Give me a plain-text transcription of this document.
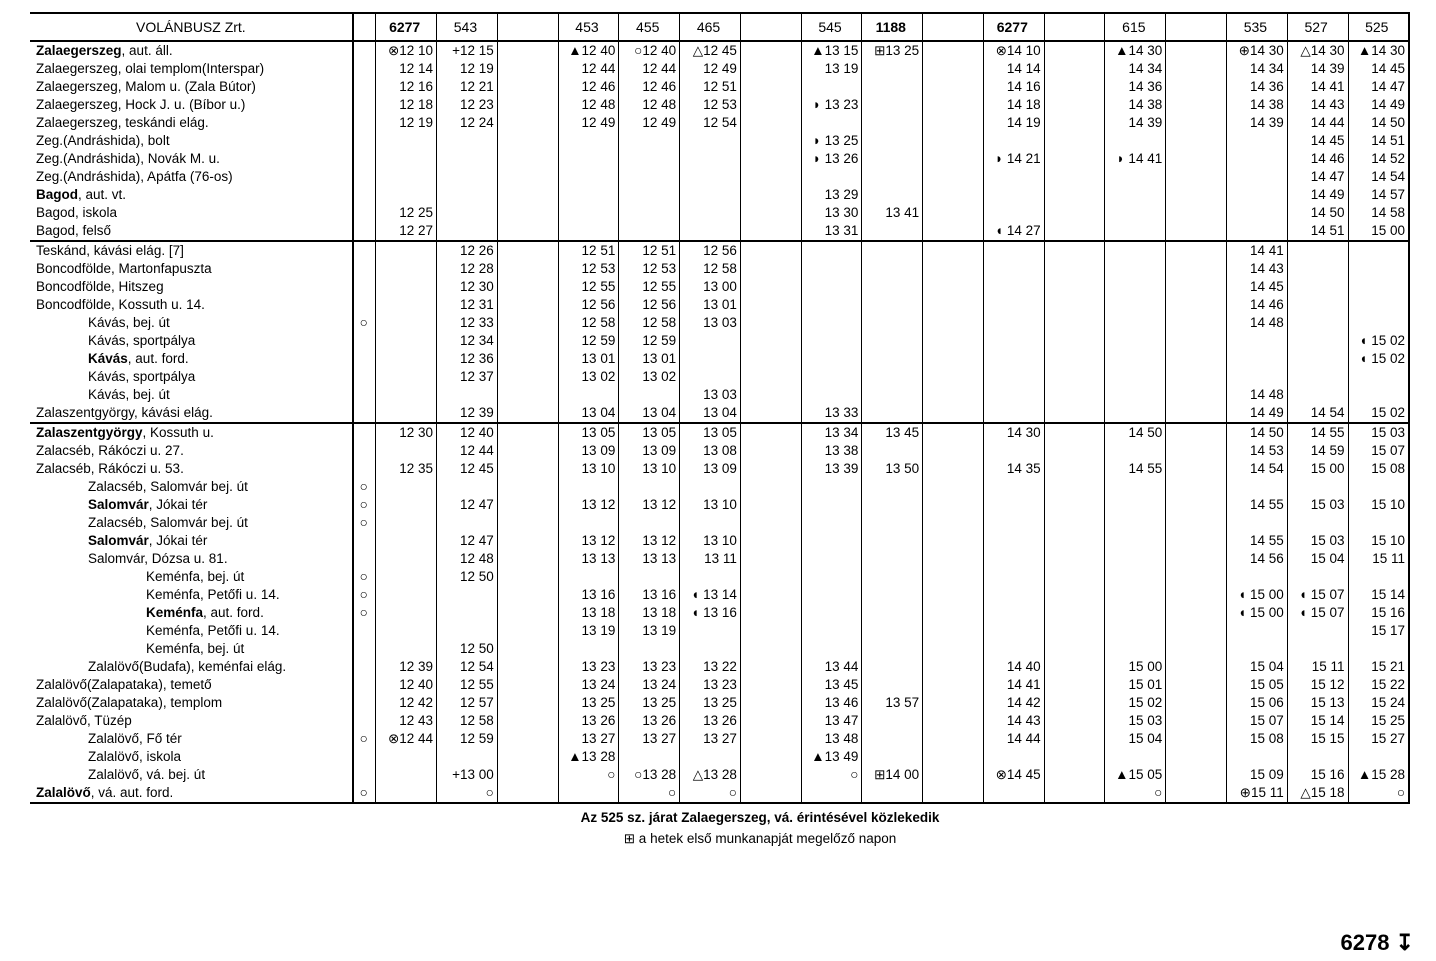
VOLÁNBUSZ Zrt.			6277	543		453	455	465		545	1188		6277		615		535	527	525
Zalaegerszeg, aut. áll.			⊗12 10	+12 15		▲12 40	○12 40	△12 45		▲13 15	⊞13 25		⊗14 10		▲14 30		⊕14 30	△14 30	▲14 30
Zalaegerszeg, olai templom(Interspar)			12 14	12 19		12 44	12 44	12 49		13 19			14 14		14 34		14 34	14 39	14 45
Zalaegerszeg, Malom u. (Zala Bútor)			12 16	12 21		12 46	12 46	12 51					14 16		14 36		14 36	14 41	14 47
Zalaegerszeg, Hock J. u. (Bíbor u.)			12 18	12 23		12 48	12 48	12 53		◗ 13 23			14 18		14 38		14 38	14 43	14 49
Zalaegerszeg, teskándi elág.			12 19	12 24		12 49	12 49	12 54					14 19		14 39		14 39	14 44	14 50
Zeg.(Andráshida), bolt										◗ 13 25								14 45	14 51
Zeg.(Andráshida), Novák M. u.										◗ 13 26			◗ 14 21		◗ 14 41			14 46	14 52
Zeg.(Andráshida), Apátfa (76-os)																		14 47	14 54
Bagod, aut. vt.										13 29								14 49	14 57
Bagod, iskola			12 25							13 30	13 41							14 50	14 58
Bagod, felső			12 27							13 31			◖ 14 27					14 51	15 00
Teskánd, kávási elág. [7]				12 26		12 51	12 51	12 56									14 41		
Boncodfölde, Martonfapuszta				12 28		12 53	12 53	12 58									14 43		
Boncodfölde, Hitszeg				12 30		12 55	12 55	13 00									14 45		
Boncodfölde, Kossuth u. 14.				12 31		12 56	12 56	13 01									14 46		
Kávás, bej. út	○			12 33		12 58	12 58	13 03									14 48		
Kávás, sportpálya				12 34		12 59	12 59												◖ 15 02
Kávás, aut. ford.				12 36		13 01	13 01												◖ 15 02
Kávás, sportpálya				12 37		13 02	13 02												
Kávás, bej. út								13 03									14 48		
Zalaszentgyörgy, kávási elág.				12 39		13 04	13 04	13 04		13 33							14 49	14 54	15 02
Zalaszentgyörgy, Kossuth u.			12 30	12 40		13 05	13 05	13 05		13 34	13 45		14 30		14 50		14 50	14 55	15 03
Zalacséb, Rákóczi u. 27.				12 44		13 09	13 09	13 08		13 38							14 53	14 59	15 07
Zalacséb, Rákóczi u. 53.			12 35	12 45		13 10	13 10	13 09		13 39	13 50		14 35		14 55		14 54	15 00	15 08
Zalacséb, Salomvár bej. út	○																		
Salomvár, Jókai tér	○			12 47		13 12	13 12	13 10									14 55	15 03	15 10
Zalacséb, Salomvár bej. út	○																		
Salomvár, Jókai tér				12 47		13 12	13 12	13 10									14 55	15 03	15 10
Salomvár, Dózsa u. 81.				12 48		13 13	13 13	13 11									14 56	15 04	15 11
Keménfa, bej. út	○			12 50															
Keménfa, Petőfi u. 14.	○					13 16	13 16	◖ 13 14									◖ 15 00	◖ 15 07	15 14
Keménfa, aut. ford.	○					13 18	13 18	◖ 13 16									◖ 15 00	◖ 15 07	15 16
Keménfa, Petőfi u. 14.						13 19	13 19												15 17
Keménfa, bej. út				12 50															
Zalalövő(Budafa), keménfai elág.			12 39	12 54		13 23	13 23	13 22		13 44			14 40		15 00		15 04	15 11	15 21
Zalalövő(Zalapataka), temető			12 40	12 55		13 24	13 24	13 23		13 45			14 41		15 01		15 05	15 12	15 22
Zalalövő(Zalapataka), templom			12 42	12 57		13 25	13 25	13 25		13 46	13 57		14 42		15 02		15 06	15 13	15 24
Zalalövő, Tüzép			12 43	12 58		13 26	13 26	13 26		13 47			14 43		15 03		15 07	15 14	15 25
Zalalövő, Fő tér	○		⊗12 44	12 59		13 27	13 27	13 27		13 48			14 44		15 04		15 08	15 15	15 27
Zalalövő, iskola						▲13 28				▲13 49									
Zalalövő, vá. bej. út				+13 00		○	○13 28	△13 28		○	⊞14 00		⊗14 45		▲15 05		15 09	15 16	▲15 28
Zalalövő, vá. aut. ford.	○			○			○	○							○		⊕15 11	△15 18	○
Az 525 sz. járat Zalaegerszeg, vá. érintésével közlekedik
⊞ a hetek első munkanapját megelőző napon
6278 ↧
